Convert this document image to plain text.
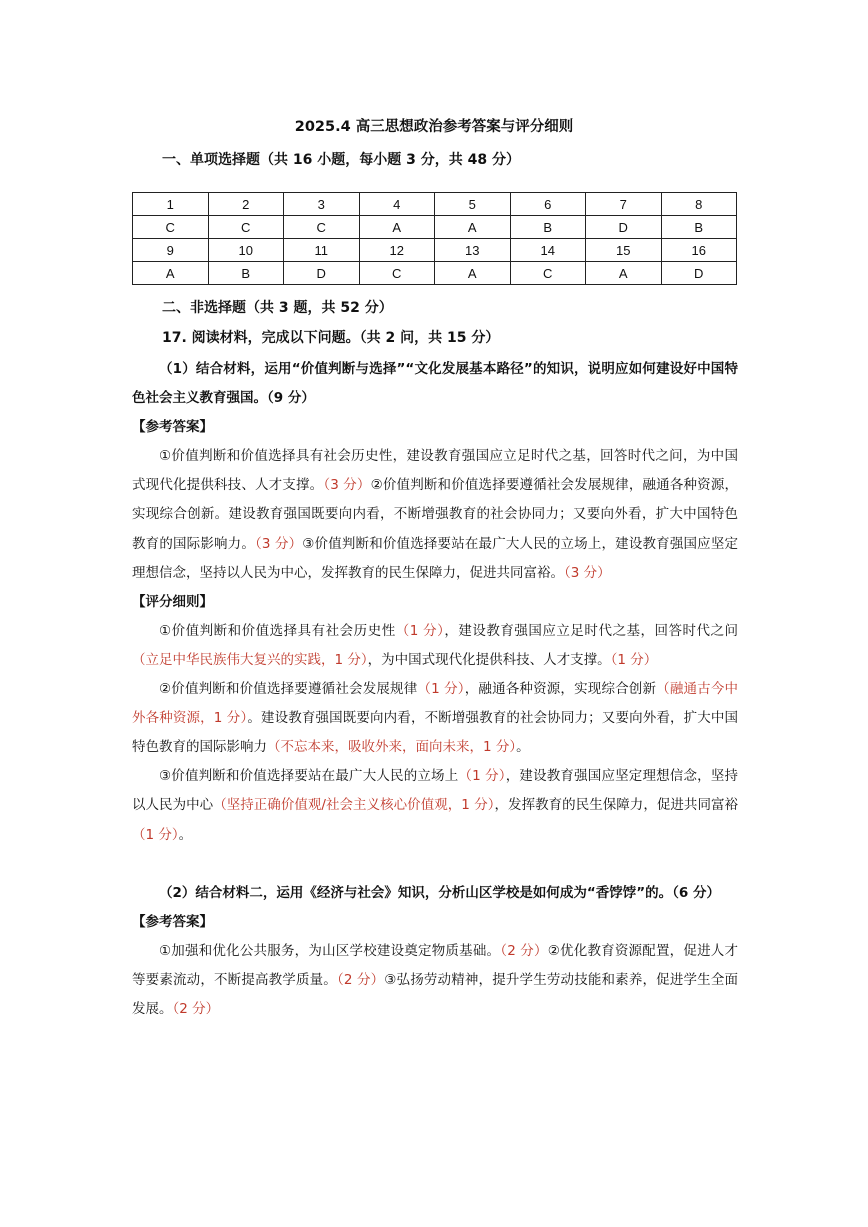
2025.4 高三思想政治参考答案与评分细则
一、单项选择题（共 16 小题，每小题 3 分，共 48 分）
1	2	3	4	5	6	7	8
C	C	C	A	A	B	D	B
9	10	11	12	13	14	15	16
A	B	D	C	A	C	A	D
二、非选择题（共 3 题，共 52 分）
17. 阅读材料，完成以下问题。（共 2 问，共 15 分）

（1）结合材料，运用“价值判断与选择”“文化发展基本路径”的知识，说明应如何建设好中国特色社会主义教育强国。（9 分）

【参考答案】

①价值判断和价值选择具有社会历史性，建设教育强国应立足时代之基，回答时代之问，为中国式现代化提供科技、人才支撑。（3 分）②价值判断和价值选择要遵循社会发展规律，融通各种资源，实现综合创新。建设教育强国既要向内看，不断增强教育的社会协同力；又要向外看，扩大中国特色教育的国际影响力。（3 分）③价值判断和价值选择要站在最广大人民的立场上，建设教育强国应坚定理想信念，坚持以人民为中心，发挥教育的民生保障力，促进共同富裕。（3 分）

【评分细则】

①价值判断和价值选择具有社会历史性（1 分），建设教育强国应立足时代之基，回答时代之问（立足中华民族伟大复兴的实践，1 分），为中国式现代化提供科技、人才支撑。（1 分）

②价值判断和价值选择要遵循社会发展规律（1 分），融通各种资源，实现综合创新（融通古今中外各种资源，1 分）。建设教育强国既要向内看，不断增强教育的社会协同力；又要向外看，扩大中国特色教育的国际影响力（不忘本来，吸收外来，面向未来，1 分）。

③价值判断和价值选择要站在最广大人民的立场上（1 分），建设教育强国应坚定理想信念，坚持以人民为中心（坚持正确价值观/社会主义核心价值观，1 分），发挥教育的民生保障力，促进共同富裕（1 分）。

（2）结合材料二，运用《经济与社会》知识，分析山区学校是如何成为“香饽饽”的。（6 分）

【参考答案】

①加强和优化公共服务，为山区学校建设奠定物质基础。（2 分）②优化教育资源配置，促进人才等要素流动，不断提高教学质量。（2 分）③弘扬劳动精神，提升学生劳动技能和素养，促进学生全面发展。（2 分）
